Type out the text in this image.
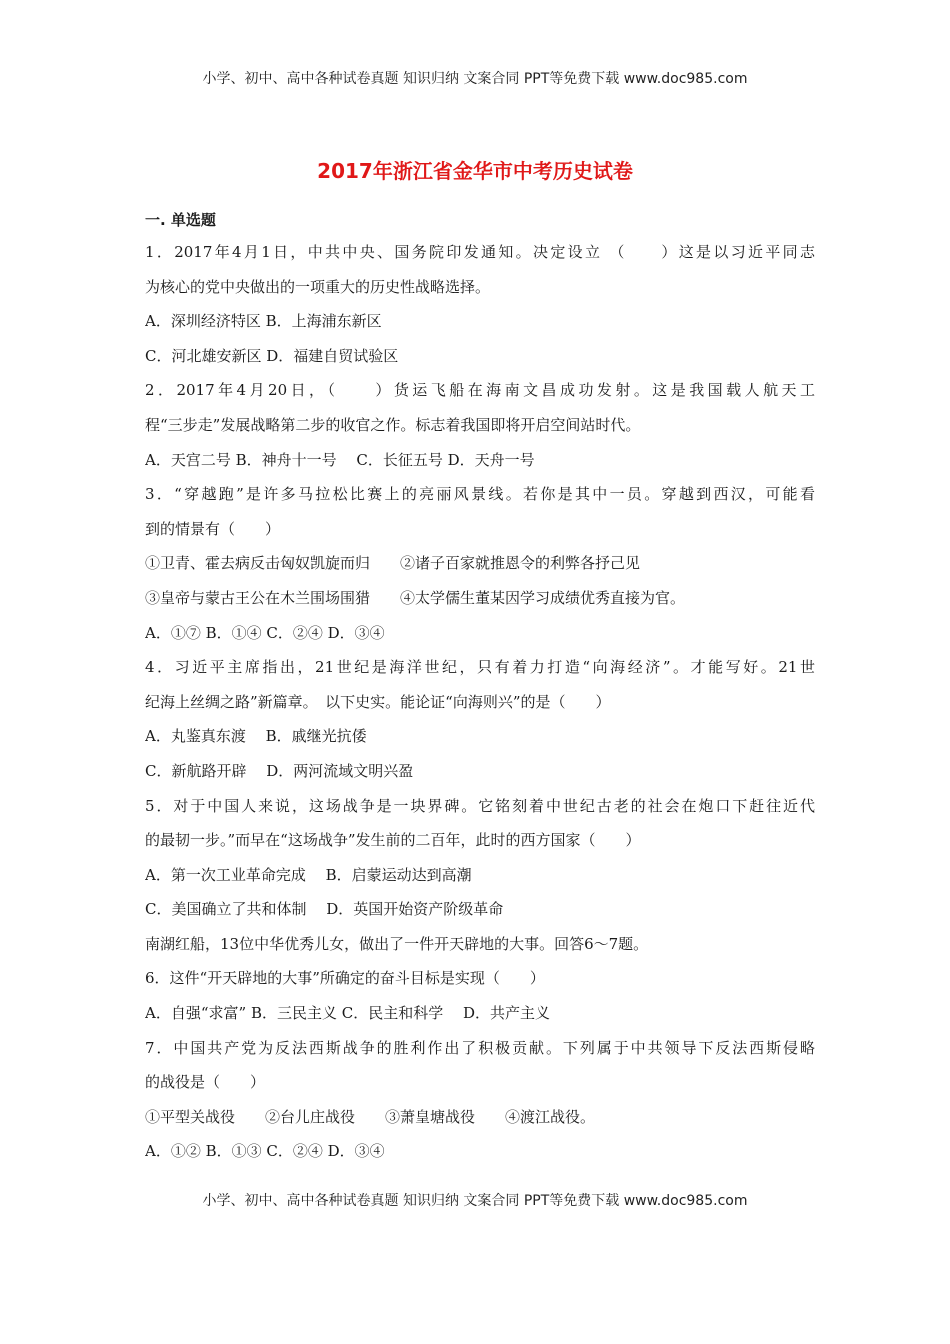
小学、初中、高中各种试卷真题 知识归纳 文案合同 PPT等免费下载 www.doc985.com
2017年浙江省金华市中考历史试卷
一. 单选题
1．2017年4月1日，中共中央、国务院印发通知。决定设立 （　　）这是以习近平同志
为核心的党中央做出的一项重大的历史性战略选择。
A．深圳经济特区 B．上海浦东新区
C．河北雄安新区 D．福建自贸试验区
2．2017年4月20日，（　　）货运飞船在海南文昌成功发射。这是我国载人航天工
程“三步走”发展战略第二步的收官之作。标志着我国即将开启空间站时代。
A．天宫二号 B．神舟十一号　 C．长征五号 D．天舟一号
3．“穿越跑”是许多马拉松比赛上的亮丽风景线。若你是其中一员。穿越到西汉，可能看
到的情景有（　　）
①卫青、霍去病反击匈奴凯旋而归　　②诸子百家就推恩令的利弊各抒己见
③皇帝与蒙古王公在木兰围场围猎　　④太学儒生董某因学习成绩优秀直接为官。
A．①⑦ B．①④ C．②④ D．③④
4．习近平主席指出，21世纪是海洋世纪，只有着力打造“向海经济”。才能写好。21世
纪海上丝绸之路”新篇章。　以下史实。能论证“向海则兴”的是（　　）
A．丸鉴真东渡　 B．戚继光抗倭
C．新航路开辟　 D．两河流域文明兴盈
5．对于中国人来说，这场战争是一块界碑。它铭刻着中世纪古老的社会在炮口下赶往近代
的最韧一步。”而早在“这场战争”发生前的二百年，此时的西方国家（　　）
A．第一次工业革命完成　 B．启蒙运动达到高潮
C．美国确立了共和体制　 D．英国开始资产阶级革命
南湖红船，13位中华优秀儿女，做出了一件开天辟地的大事。回答6～7题。
6．这件“开天辟地的大事”所确定的奋斗目标是实现（　　）
A．自强“求富” B．三民主义 C．民主和科学　 D．共产主义
7．中国共产党为反法西斯战争的胜利作出了积极贡献。下列属于中共领导下反法西斯侵略
的战役是（　　）
①平型关战役　　②台儿庄战役　　③萧皇塘战役　　④渡江战役。
A．①② B．①③ C．②④ D．③④
小学、初中、高中各种试卷真题 知识归纳 文案合同 PPT等免费下载 www.doc985.com
